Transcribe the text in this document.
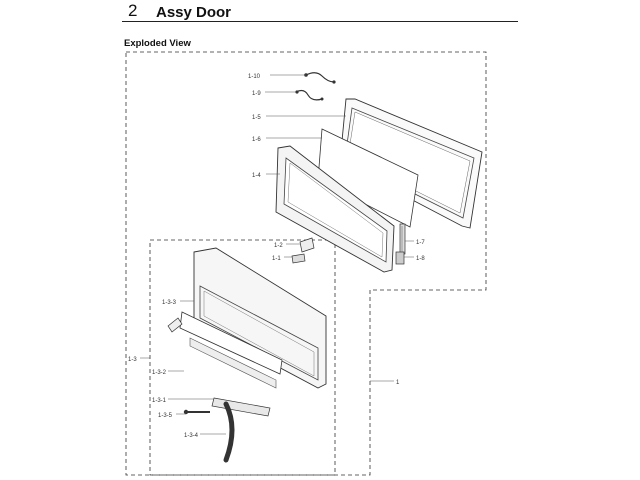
2 Assy Door
Exploded View
1-10
1-9
1-5
1-6
1-4
1-2
1-1
1-7
1-8
1-3-3
1-3
1-3-2
1-3-1
1-3-5
1-3-4
1
